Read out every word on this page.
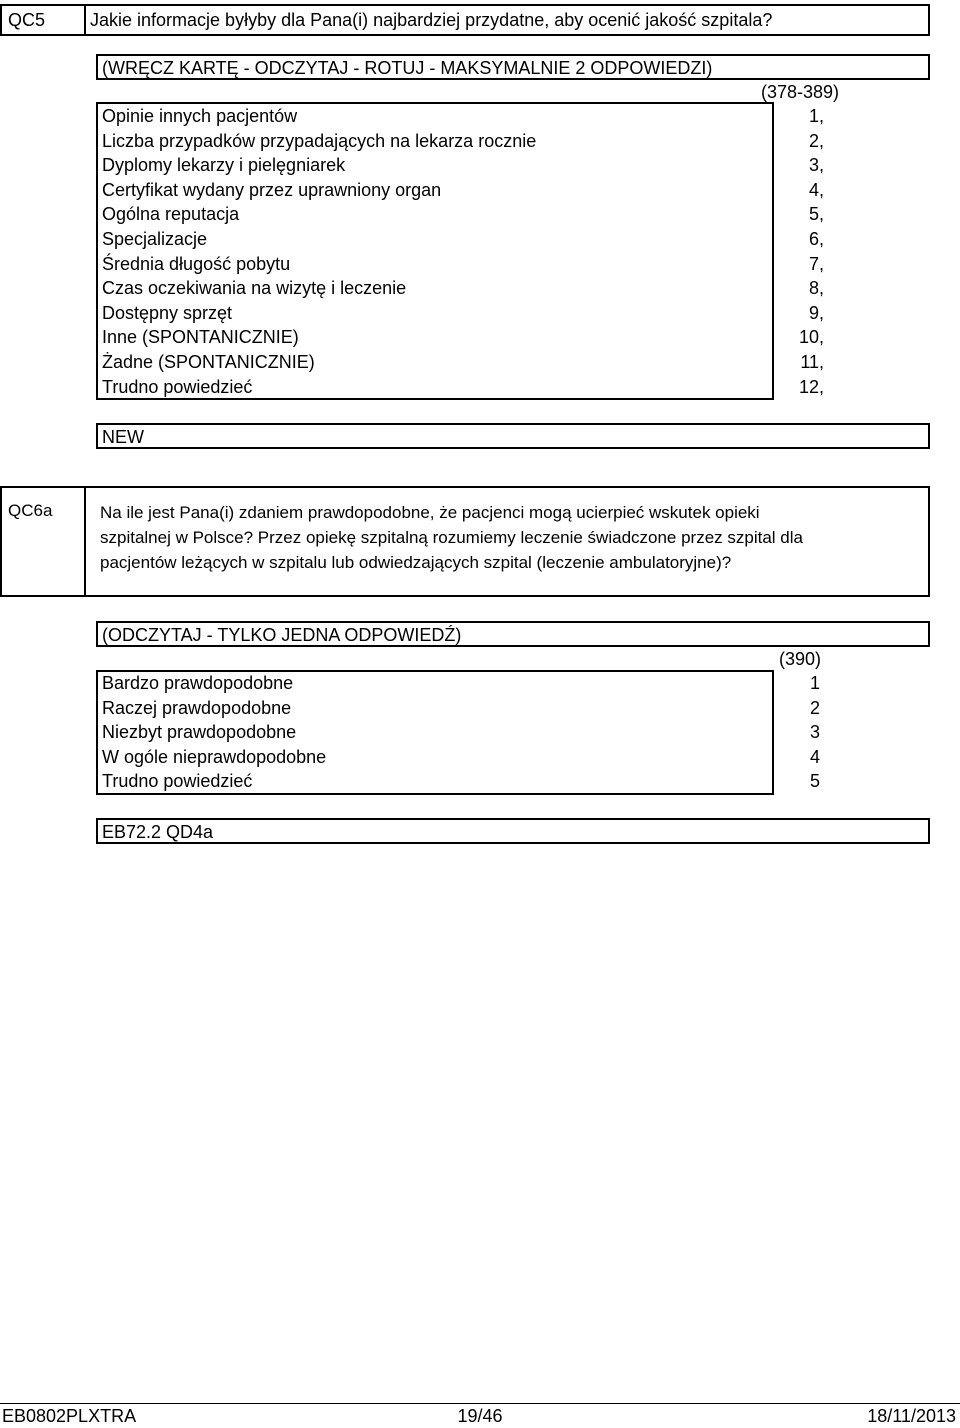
QC5 Jakie informacje byłyby dla Pana(i) najbardziej przydatne, aby ocenić jakość szpitala?
(WRĘCZ KARTĘ - ODCZYTAJ - ROTUJ - MAKSYMALNIE 2 ODPOWIEDZI)
(378-389)
Opinie innych pacjentów	1,
Liczba przypadków przypadających na lekarza rocznie	2,
Dyplomy lekarzy i pielęgniarek	3,
Certyfikat wydany przez uprawniony organ	4,
Ogólna reputacja	5,
Specjalizacje	6,
Średnia długość pobytu	7,
Czas oczekiwania na wizytę i leczenie	8,
Dostępny sprzęt	9,
Inne (SPONTANICZNIE)	10,
Żadne (SPONTANICZNIE)	11,
Trudno powiedzieć	12,
NEW
QC6a	Na ile jest Pana(i) zdaniem prawdopodobne, że pacjenci mogą ucierpieć wskutek opieki
szpitalnej w Polsce? Przez opiekę szpitalną rozumiemy leczenie świadczone przez szpital dla
pacjentów leżących w szpitalu lub odwiedzających szpital (leczenie ambulatoryjne)?
(ODCZYTAJ - TYLKO JEDNA ODPOWIEDŹ)
(390)
Bardzo prawdopodobne	1
Raczej prawdopodobne	2
Niezbyt prawdopodobne	3
W ogóle nieprawdopodobne	4
Trudno powiedzieć	5
EB72.2 QD4a
EB0802PLXTRA	19/46	18/11/2013
